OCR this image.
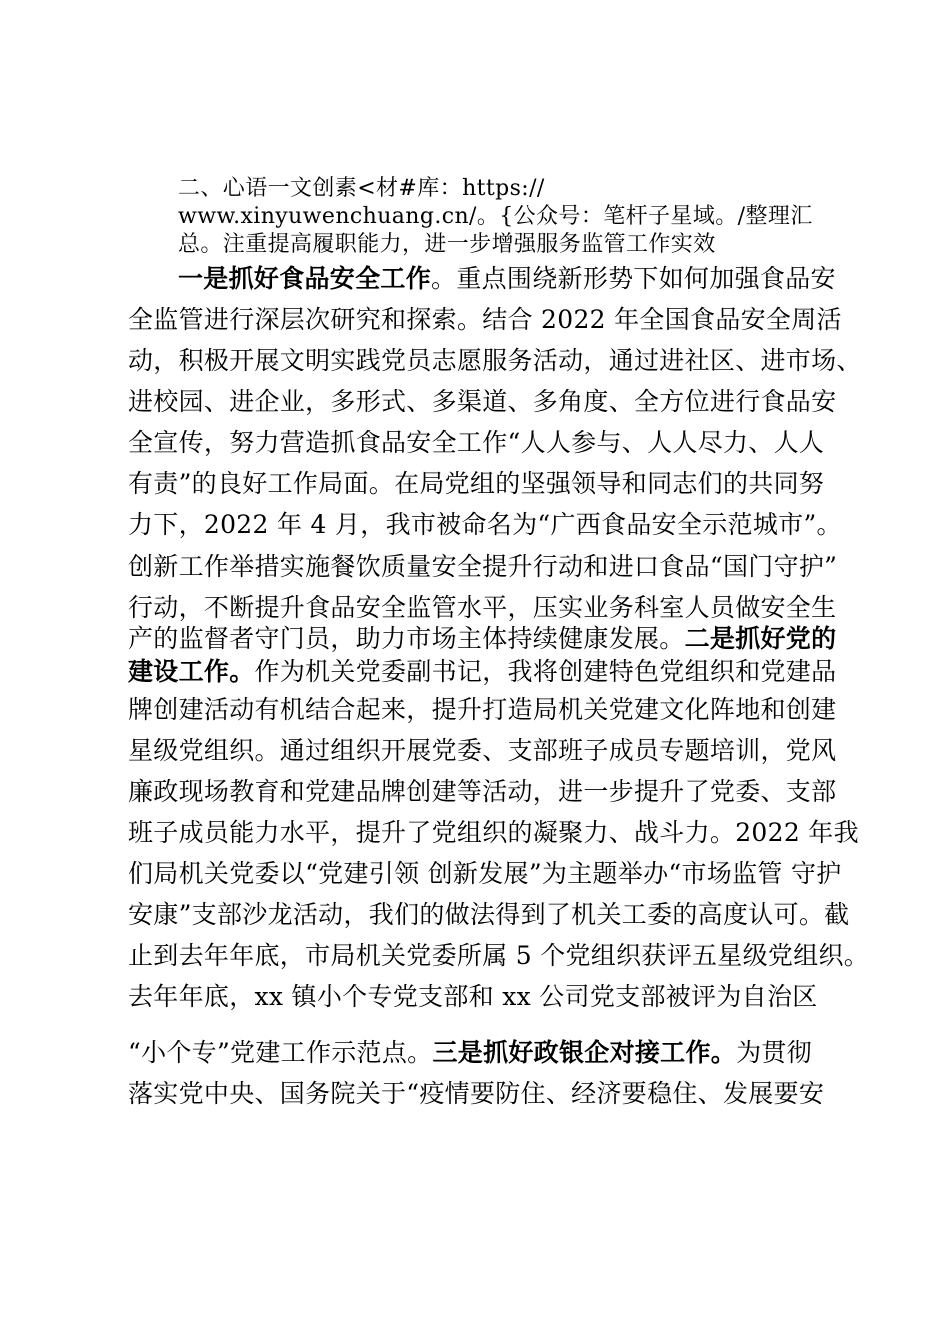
二、心语一文创素<材#库：https://
www.xinyuwenchuang.cn/。{公众号：笔杆子星域。/整理汇
总。注重提高履职能力，进一步增强服务监管工作实效
一是抓好食品安全工作。重点围绕新形势下如何加强食品安
全监管进行深层次研究和探索。结合 2022 年全国食品安全周活
动，积极开展文明实践党员志愿服务活动，通过进社区、进市场、
进校园、进企业，多形式、多渠道、多角度、全方位进行食品安
全宣传，努力营造抓食品安全工作“人人参与、人人尽力、人人
有责”的良好工作局面。在局党组的坚强领导和同志们的共同努
力下，2022 年 4 月，我市被命名为“广西食品安全示范城市”。
创新工作举措实施餐饮质量安全提升行动和进口食品“国门守护”
行动，不断提升食品安全监管水平，压实业务科室人员做安全生
产的监督者守门员，助力市场主体持续健康发展。二是抓好党的
建设工作。作为机关党委副书记，我将创建特色党组织和党建品
牌创建活动有机结合起来，提升打造局机关党建文化阵地和创建
星级党组织。通过组织开展党委、支部班子成员专题培训，党风
廉政现场教育和党建品牌创建等活动，进一步提升了党委、支部
班子成员能力水平，提升了党组织的凝聚力、战斗力。2022 年我
们局机关党委以“党建引领 创新发展”为主题举办“市场监管 守护
安康”支部沙龙活动，我们的做法得到了机关工委的高度认可。截
止到去年年底，市局机关党委所属 5 个党组织获评五星级党组织。
去年年底，xx 镇小个专党支部和 xx 公司党支部被评为自治区
“小个专”党建工作示范点。三是抓好政银企对接工作。为贯彻
落实党中央、国务院关于“疫情要防住、经济要稳住、发展要安
